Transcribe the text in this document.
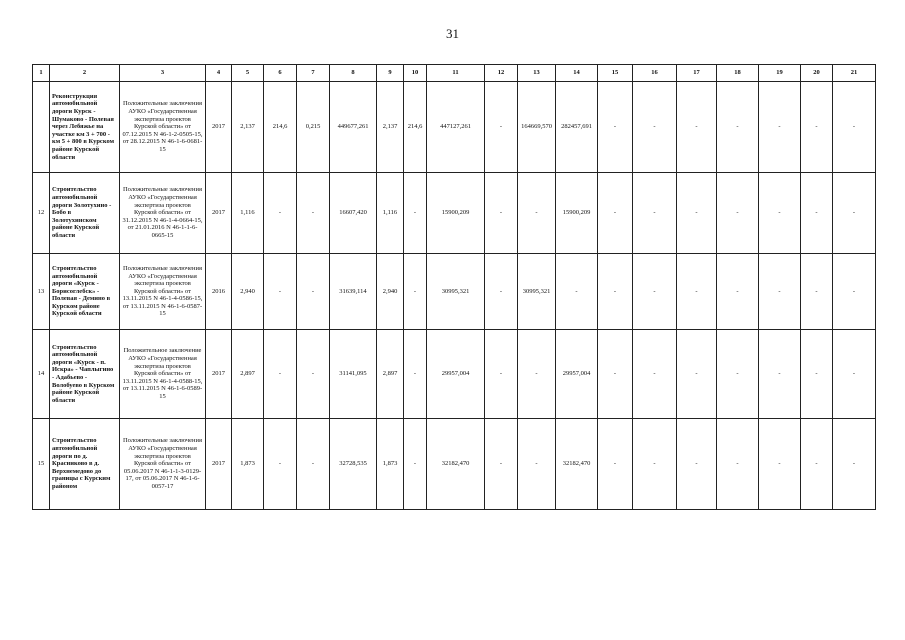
31
1	2	3	4	5	6	7	8	9	10	11	12	13	14	15	16	17	18	19	20	21
	Реконструкция автомобильной дороги Курск - Шумаково - Полевая через Лебяжье на участке км 3 + 700 - км 5 + 800 в Курском районе Курской области	Положительные заключения АУКО «Государственная экспертиза проектов Курской области» от 07.12.2015 N 46-1-2-0505-15, от 28.12.2015 N 46-1-6-0681-15	2017	2,137	214,6	0,215	449677,261	2,137	214,6	447127,261	-	164669,570	282457,691	-	-	-	-	-	-	-
12	Строительство автомобильной дороги Золотухино - Бобо в Золотухинском районе Курской области	Положительные заключения АУКО «Государственная экспертиза проектов Курской области» от 31.12.2015 N 46-1-4-0664-15, от 21.01.2016 N 46-1-1-6-0665-15	2017	1,116	-	-	16607,420	1,116	-	15900,209	-	-	15900,209	-	-	-	-	-	-	-
13	Строительство автомобильной дороги «Курск - Борисоглебск» - Полевая - Демино в Курском районе Курской области	Положительные заключения АУКО «Государственная экспертиза проектов Курской области» от 13.11.2015 N 46-1-4-0586-15, от 13.11.2015 N 46-1-6-0587-15	2016	2,940	-	-	31639,114	2,940	-	30995,321	-	30995,321	-	-	-	-	-	-	-	-
14	Строительство автомобильной дороги «Курск - п. Искра» - Чаплыгино - Адабьево - Волобуево в Курском районе Курской области	Положительное заключение АУКО «Государственная экспертиза проектов Курской области» от 13.11.2015 N 46-1-4-0588-15, от 13.11.2015 N 46-1-6-0589-15	2017	2,897	-	-	31141,095	2,897	-	29957,004	-	-	29957,004	-	-	-	-	-	-	-
15	Строительство автомобильной дороги по д. Красниково в д. Верхнемедово до границы с Курским районом	Положительные заключения АУКО «Государственная экспертиза проектов Курской области» от 05.06.2017 N 46-1-1-3-0129-17, от 05.06.2017 N 46-1-6-0057-17	2017	1,873	-	-	32728,535	1,873	-	32182,470	-	-	32182,470	-	-	-	-	-	-	-
